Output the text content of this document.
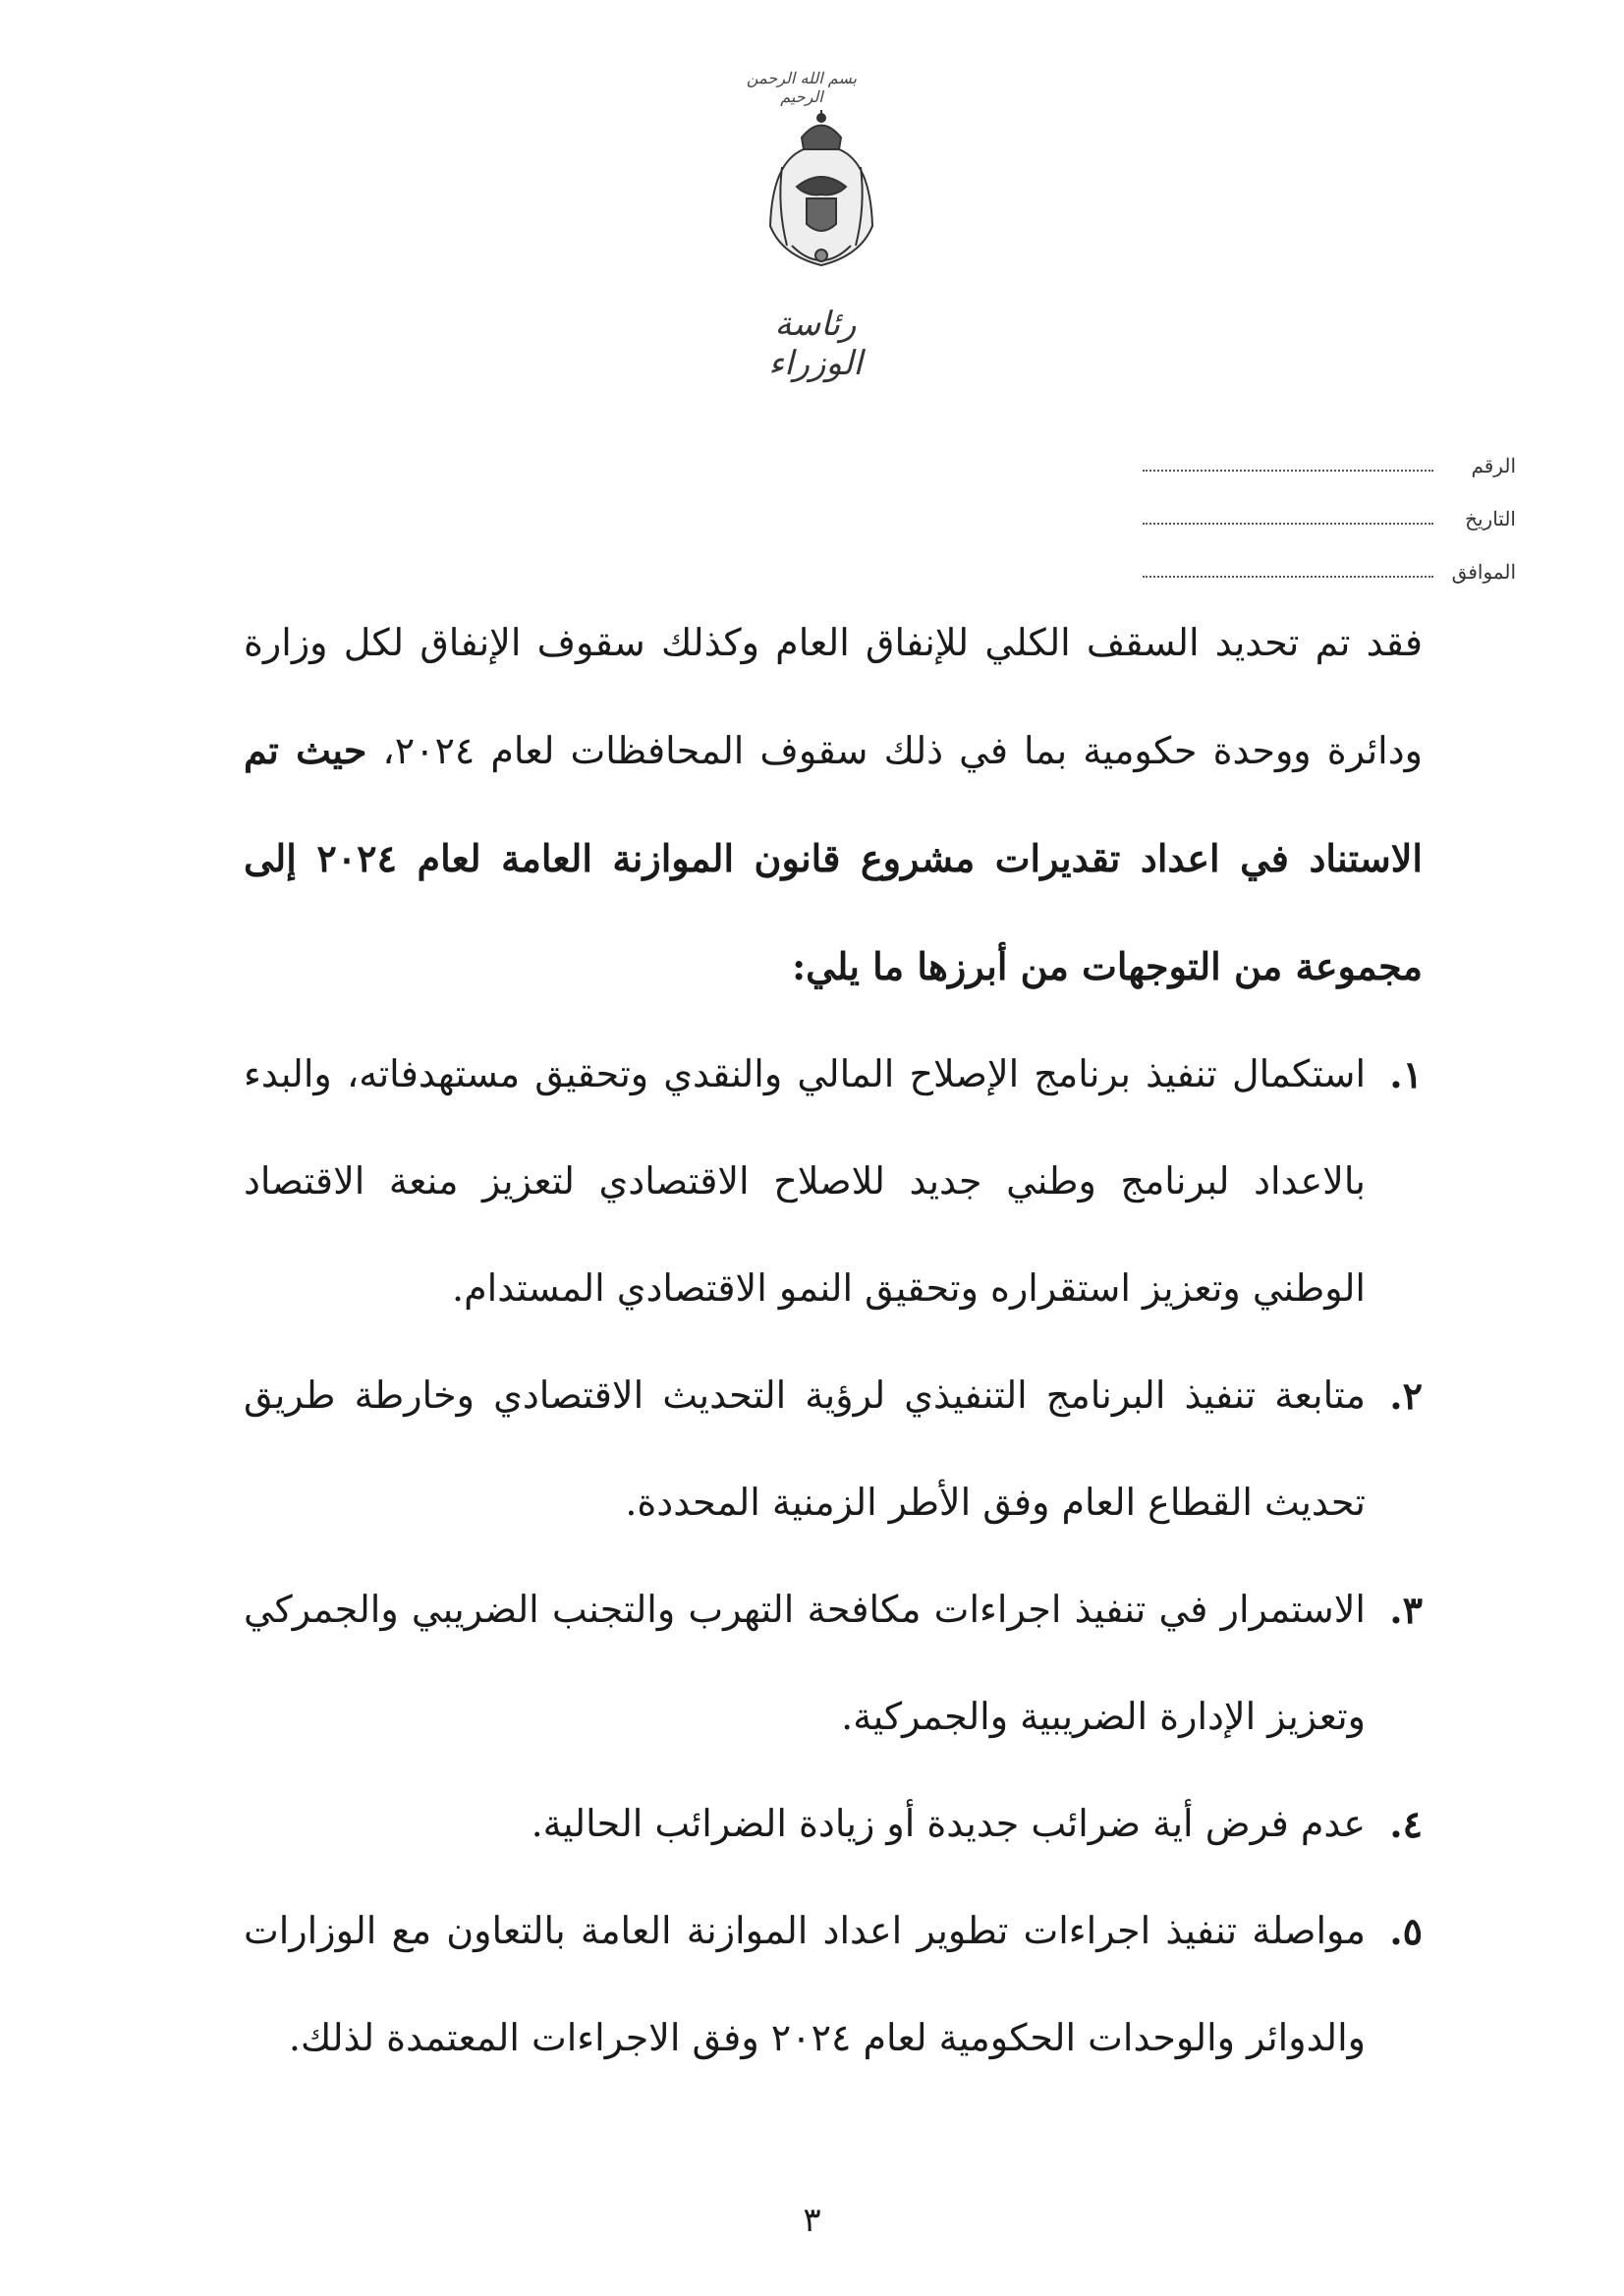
بسم الله الرحمن الرحيم
رئاسة الوزراء
الرقم
التاريخ
الموافق

فقد تم تحديد السقف الكلي للإنفاق العام وكذلك سقوف الإنفاق لكل وزارة ودائرة ووحدة حكومية بما في ذلك سقوف المحافظات لعام ٢٠٢٤، حيث تم الاستناد في اعداد تقديرات مشروع قانون الموازنة العامة لعام ٢٠٢٤ إلى مجموعة من التوجهات من أبرزها ما يلي:

١.
استكمال تنفيذ برنامج الإصلاح المالي والنقدي وتحقيق مستهدفاته، والبدء بالاعداد لبرنامج وطني جديد للاصلاح الاقتصادي لتعزيز منعة الاقتصاد الوطني وتعزيز استقراره وتحقيق النمو الاقتصادي المستدام.
٢.
متابعة تنفيذ البرنامج التنفيذي لرؤية التحديث الاقتصادي وخارطة طريق تحديث القطاع العام وفق الأطر الزمنية المحددة.
٣.
الاستمرار في تنفيذ اجراءات مكافحة التهرب والتجنب الضريبي والجمركي وتعزيز الإدارة الضريبية والجمركية.
٤.
عدم فرض أية ضرائب جديدة أو زيادة الضرائب الحالية.
٥.
مواصلة تنفيذ اجراءات تطوير اعداد الموازنة العامة بالتعاون مع الوزارات والدوائر والوحدات الحكومية لعام ٢٠٢٤ وفق الاجراءات المعتمدة لذلك.
٣
